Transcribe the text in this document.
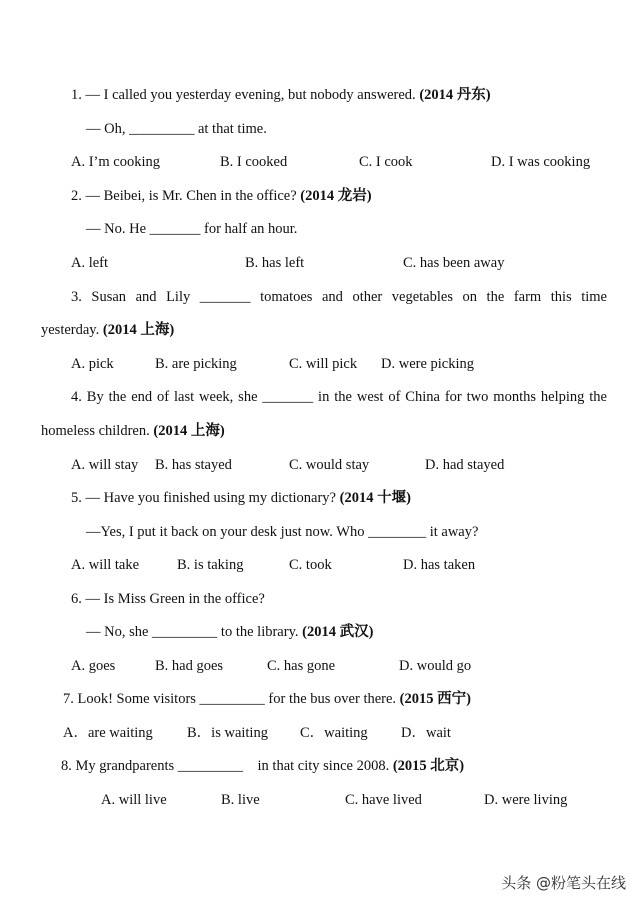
1. — I called you yesterday evening, but nobody answered. (2014 丹东)
— Oh, _________ at that time.
A. I’m cooking	B. I cooked	C. I cook	D. I was cooking
2. — Beibei, is Mr. Chen in the office? (2014 龙岩)
— No. He _______ for half an hour.
A. left	B. has left	C. has been away
3. Susan and Lily _______ tomatoes and other vegetables on the farm this time
yesterday. (2014 上海)
A. pick	B. are picking	C. will pick D. were picking
4. By the end of last week, she _______ in the west of China for two months helping the
homeless children. (2014 上海)
A. will stay B. has stayed	C. would stay	D. had stayed
5. — Have you finished using my dictionary? (2014 十堰)
—Yes, I put it back on your desk just now. Who ________ it away?
A. will take	B. is taking	C. took	D. has taken
6. — Is Miss Green in the office?
— No, she _________ to the library. (2014 武汉)
A. goes	B. had goes	C. has gone	D. would go
7. Look! Some visitors _________ for the bus over there. (2015 西宁)
A．are waiting B．is waiting C．waiting D．wait
8. My grandparents _________    in that city since 2008. (2015 北京)
A. will live	B. live	C. have lived	D. were living
头条 @粉笔头在线
